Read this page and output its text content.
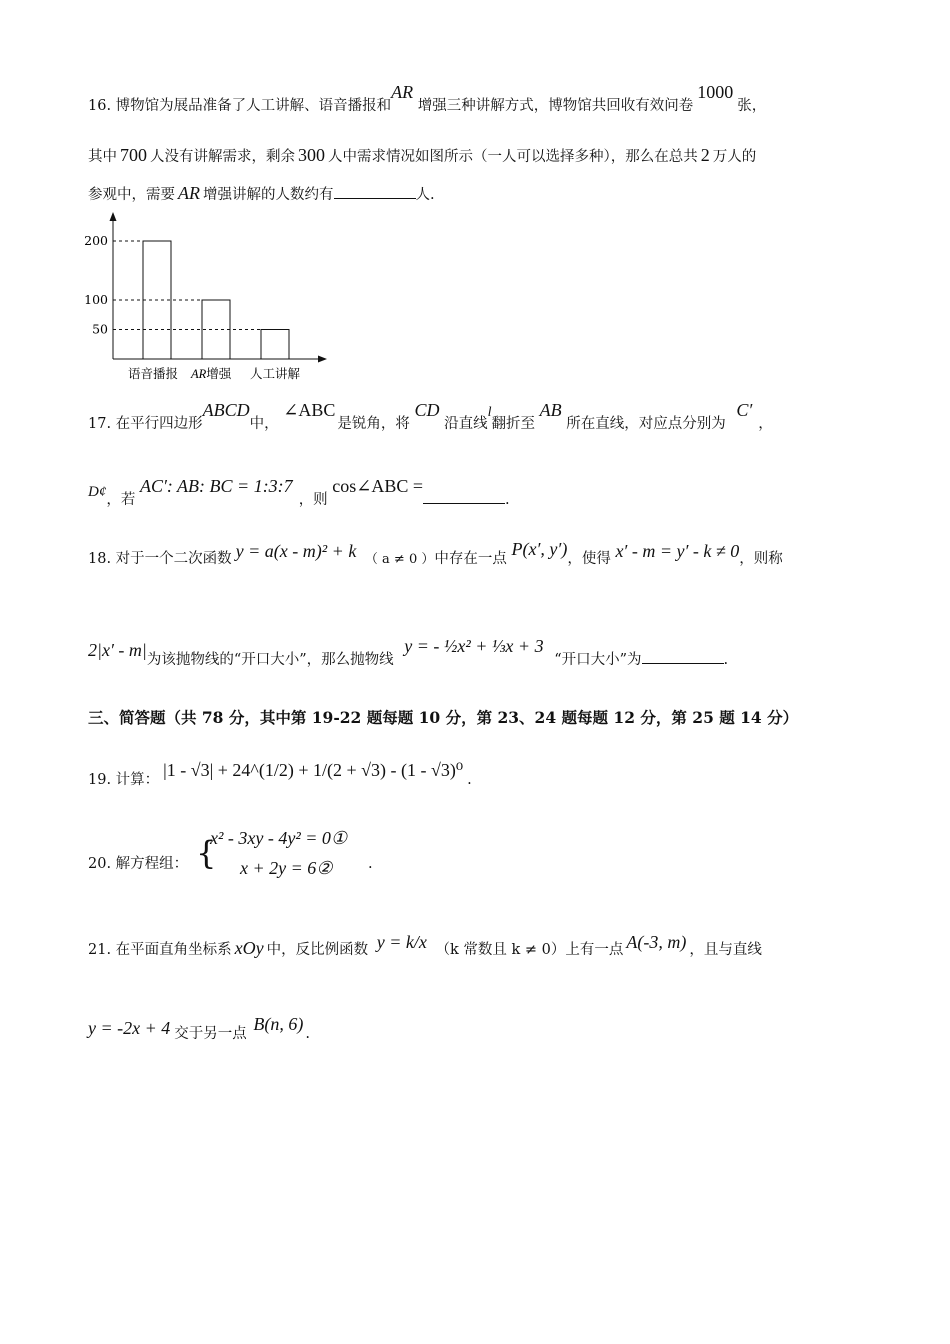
16. 博物馆为展品准备了人工讲解、语音播报和AR 增强三种讲解方式，博物馆共回收有效问卷1000张，
其中 700 人没有讲解需求，剩余 300 人中需求情况如图所示（一人可以选择多种），那么在总共 2 万人的
参观中，需要 AR 增强讲解的人数约有	人.
200
100
50
语音播报 AR增强 人工讲解
17. 在平行四边形ABCD中， ∠ABC是锐角，将 CD 沿直线l翻折至 AB 所在直线，对应点分别为 C′，
D¢，若 AC′: AB: BC = 1:3:7，则 cos∠ABC =.
18. 对于一个二次函数 y = a(x - m)² + k （ a ≠ 0 ）中存在一点 P(x′, y′)，使得 x′ - m = y′ - k ≠ 0，则称
2|x′ - m|为该抛物线的“开口大小”，那么抛物线 y = - ½x² + ⅓x + 3 “开口大小”为	.
三、简答题（共 78 分，其中第 19-22 题每题 10 分，第 23、24 题每题 12 分，第 25 题 14 分）
19. 计算： |1 - √3| + 24^(1/2) + 1/(2 + √3) - (1 - √3)⁰ .
20. 解方程组： {
x² - 3xy - 4y² = 0①
x + 2y = 6② .
21. 在平面直角坐标系 xOy 中，反比例函数 y = k/x （k 常数且 k ≠ 0）上有一点 A(-3, m) ，且与直线
y = -2x + 4 交于另一点 B(n, 6) .
